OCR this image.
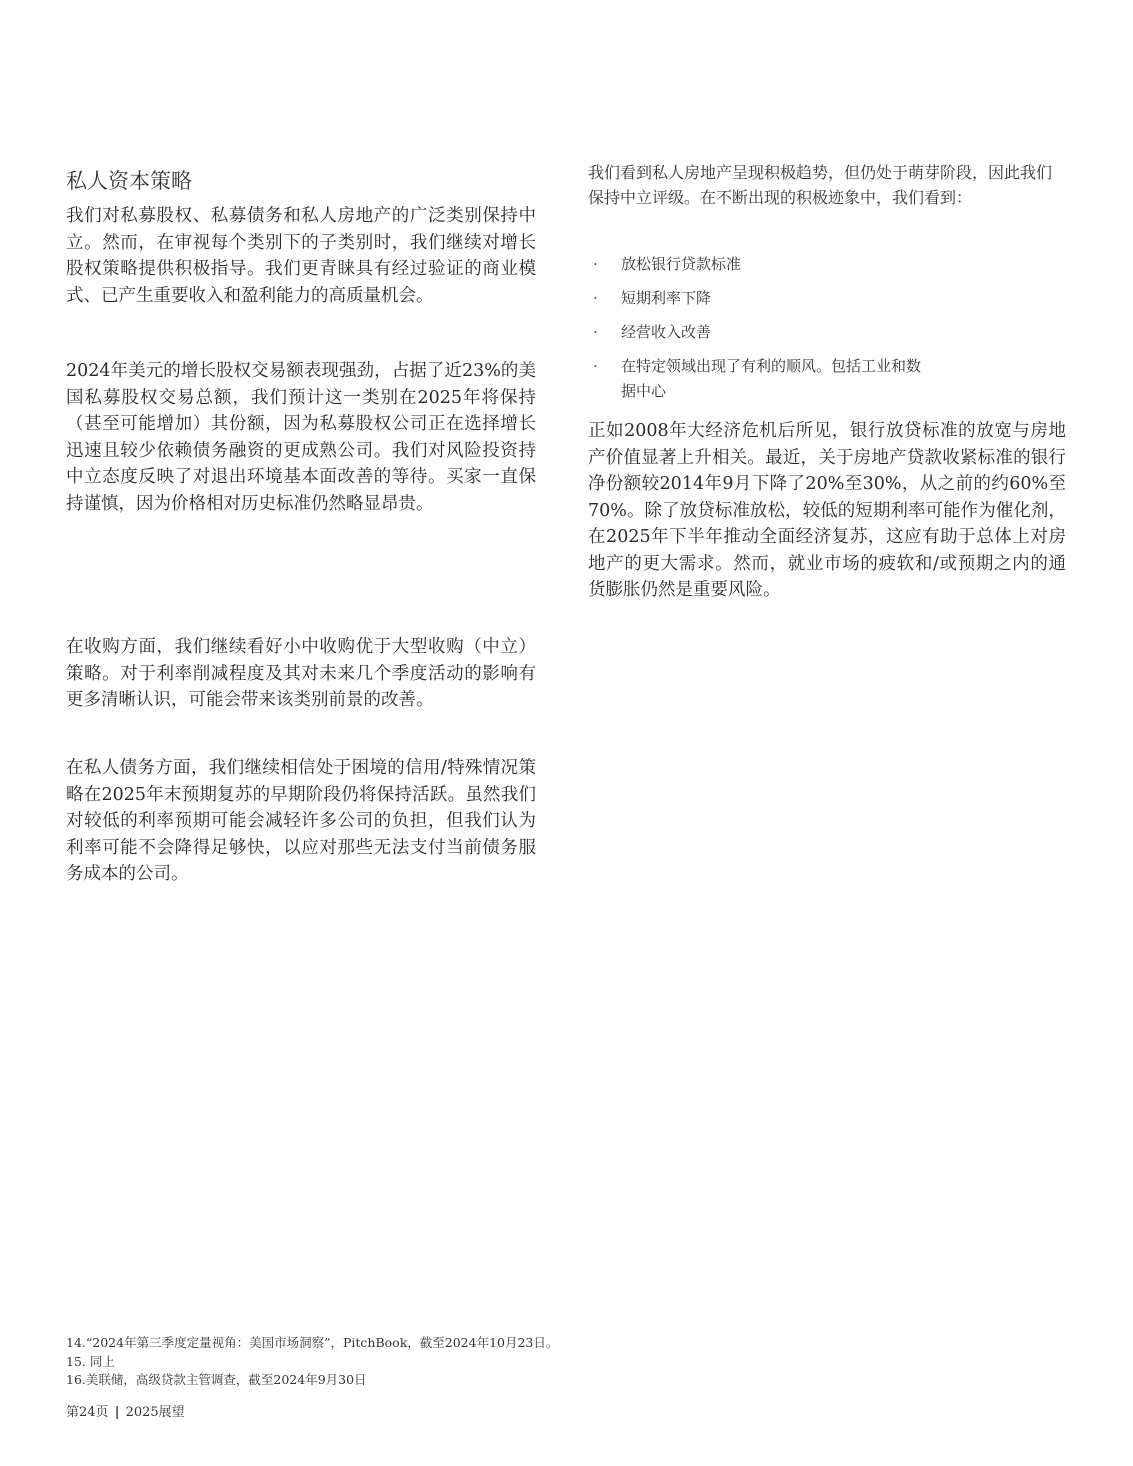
私人资本策略

我们对私募股权、私募债务和私人房地产的广泛类别保持中立。然而，在审视每个类别下的子类别时，我们继续对增长股权策略提供积极指导。我们更青睐具有经过验证的商业模式、已产生重要收入和盈利能力的高质量机会。

2024年美元的增长股权交易额表现强劲，占据了近23%的美国私募股权交易总额，我们预计这一类别在2025年将保持（甚至可能增加）其份额，因为私募股权公司正在选择增长迅速且较少依赖债务融资的更成熟公司。我们对风险投资持中立态度反映了对退出环境基本面改善的等待。买家一直保持谨慎，因为价格相对历史标准仍然略显昂贵。

在收购方面，我们继续看好小中收购优于大型收购（中立）策略。对于利率削减程度及其对未来几个季度活动的影响有更多清晰认识，可能会带来该类别前景的改善。

在私人债务方面，我们继续相信处于困境的信用/特殊情况策略在2025年末预期复苏的早期阶段仍将保持活跃。虽然我们对较低的利率预期可能会减轻许多公司的负担，但我们认为利率可能不会降得足够快，以应对那些无法支付当前债务服务成本的公司。

我们看到私人房地产呈现积极趋势，但仍处于萌芽阶段，因此我们保持中立评级。在不断出现的积极迹象中，我们看到：

· 放松银行贷款标准
· 短期利率下降
· 经营收入改善
· 在特定领域出现了有利的顺风。包括工业和数据中心

正如2008年大经济危机后所见，银行放贷标准的放宽与房地产价值显著上升相关。最近，关于房地产贷款收紧标准的银行净份额较2014年9月下降了20%至30%，从之前的约60%至70%。除了放贷标准放松，较低的短期利率可能作为催化剂，在2025年下半年推动全面经济复苏，这应有助于总体上对房地产的更大需求。然而，就业市场的疲软和/或预期之内的通货膨胀仍然是重要风险。

14.“2024年第三季度定量视角：美国市场洞察”，PitchBook，截至2024年10月23日。

15. 同上

16.美联储，高级贷款主管调查，截至2024年9月30日

第24页 | 2025展望
